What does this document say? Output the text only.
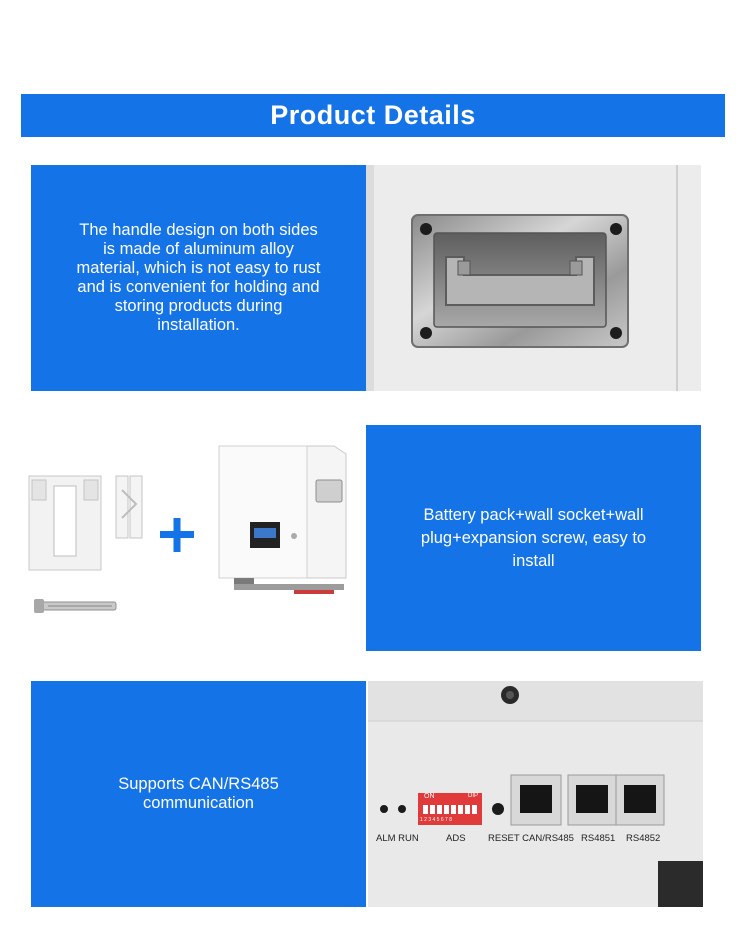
Product Details
The handle design on both sides is made of aluminum alloy material, which is not easy to rust and is convenient for holding and storing products during installation.
Battery pack+wall socket+wall plug+expansion screw, easy to install
Supports CAN/RS485 communication	ON
1 2 3 4 5 6 7 8
DIP
ALM RUN	ADS RESET CAN/RS485 RS4851 RS4852
